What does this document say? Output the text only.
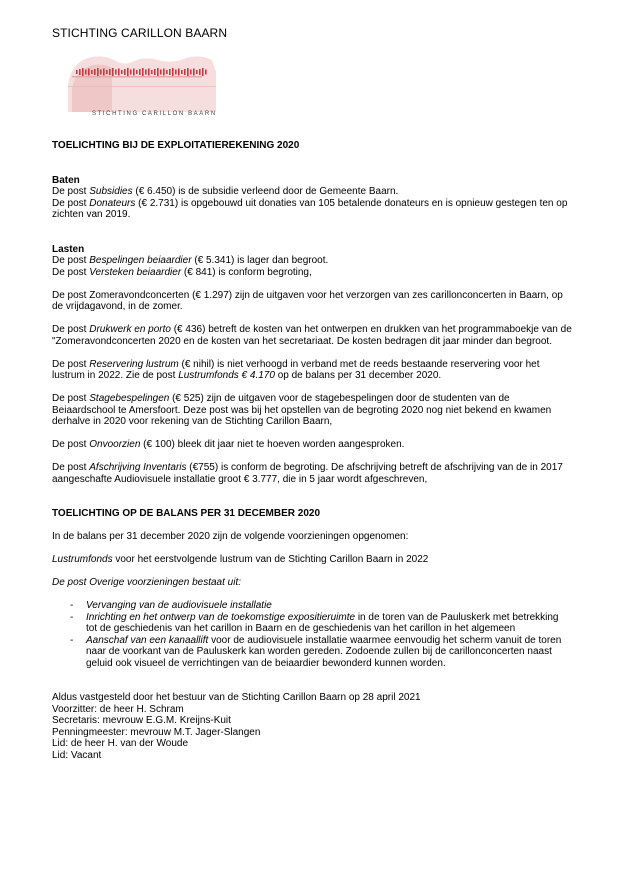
STICHTING CARILLON BAARN
STICHTING CARILLON BAARN

TOELICHTING BIJ DE EXPLOITATIEREKENING 2020

Baten

De post Subsidies (€ 6.450) is de subsidie verleend door de Gemeente Baarn.

De post Donateurs (€ 2.731) is opgebouwd uit donaties van 105 betalende donateurs en is opnieuw gestegen ten op zichten van 2019.

Lasten

De post Bespelingen beiaardier (€ 5.341) is lager dan begroot.

De post Versteken beiaardier (€ 841) is conform begroting,

De post Zomeravondconcerten (€ 1.297) zijn de uitgaven voor het verzorgen van zes carillonconcerten in Baarn, op de vrijdagavond, in de zomer.

De post Drukwerk en porto (€ 436) betreft de kosten van het ontwerpen en drukken van het programmaboekje van de "Zomeravondconcerten 2020 en de kosten van het secretariaat. De kosten bedragen dit jaar minder dan begroot.

De post Reservering lustrum (€ nihil) is niet verhoogd in verband met de reeds bestaande reservering voor het lustrum in 2022. Zie de post Lustrumfonds € 4.170 op de balans per 31 december 2020.

De post Stagebespelingen (€ 525) zijn de uitgaven voor de stagebespelingen door de studenten van de Beiaardschool te Amersfoort. Deze post was bij het opstellen van de begroting 2020 nog niet bekend en kwamen derhalve in 2020 voor rekening van de Stichting Carillon Baarn,

De post Onvoorzien (€ 100) bleek dit jaar niet te hoeven worden aangesproken.

De post Afschrijving Inventaris (€755) is conform de begroting. De afschrijving betreft de afschrijving van de in 2017 aangeschafte Audiovisuele installatie groot € 3.777, die in 5 jaar wordt afgeschreven,

TOELICHTING OP DE BALANS PER 31 DECEMBER 2020

In de balans per 31 december 2020 zijn de volgende voorzieningen opgenomen:

Lustrumfonds voor het eerstvolgende lustrum van de Stichting Carillon Baarn in 2022

De post Overige voorzieningen bestaat uit:

- Vervanging van de audiovisuele installatie
- Inrichting en het ontwerp van de toekomstige expositieruimte in de toren van de Pauluskerk met betrekking tot de geschiedenis van het carillon in Baarn en de geschiedenis van het carillon in het algemeen
- Aanschaf van een kanaallift voor de audiovisuele installatie waarmee eenvoudig het scherm vanuit de toren naar de voorkant van de Pauluskerk kan worden gereden. Zodoende zullen bij de carillonconcerten naast geluid ook visueel de verrichtingen van de beiaardier bewonderd kunnen worden.

Aldus vastgesteld door het bestuur van de Stichting Carillon Baarn op 28 april 2021

Voorzitter: de heer H. Schram

Secretaris: mevrouw E.G.M. Kreijns-Kuit

Penningmeester: mevrouw M.T. Jager-Slangen

Lid: de heer H. van der Woude

Lid: Vacant
